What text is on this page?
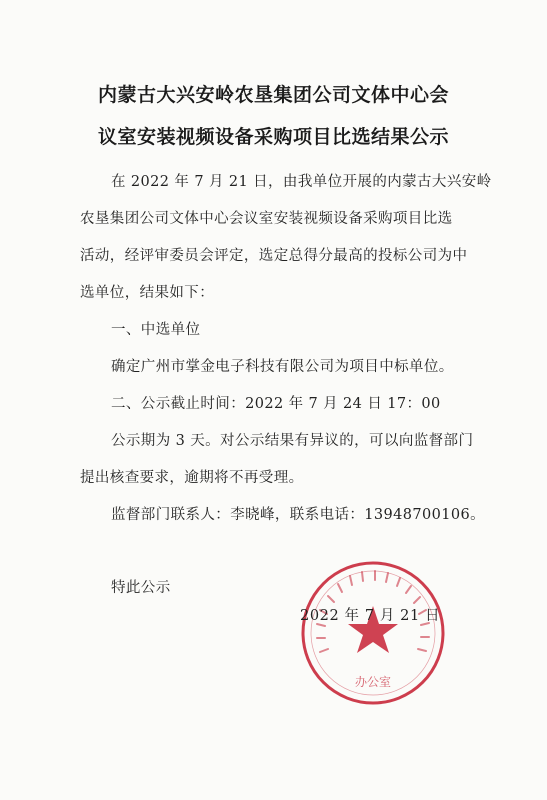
内蒙古大兴安岭农垦集团公司文体中心会
议室安装视频设备采购项目比选结果公示
在 2022 年 7 月 21 日，由我单位开展的内蒙古大兴安岭
农垦集团公司文体中心会议室安装视频设备采购项目比选
活动，经评审委员会评定，选定总得分最高的投标公司为中
选单位，结果如下：
一、中选单位
确定广州市掌金电子科技有限公司为项目中标单位。
二、公示截止时间：2022 年 7 月 24 日 17：00
公示期为 3 天。对公示结果有异议的，可以向监督部门
提出核查要求，逾期将不再受理。
监督部门联系人：李晓峰，联系电话：13948700106。
特此公示
办公室
2022 年 7 月 21 日
